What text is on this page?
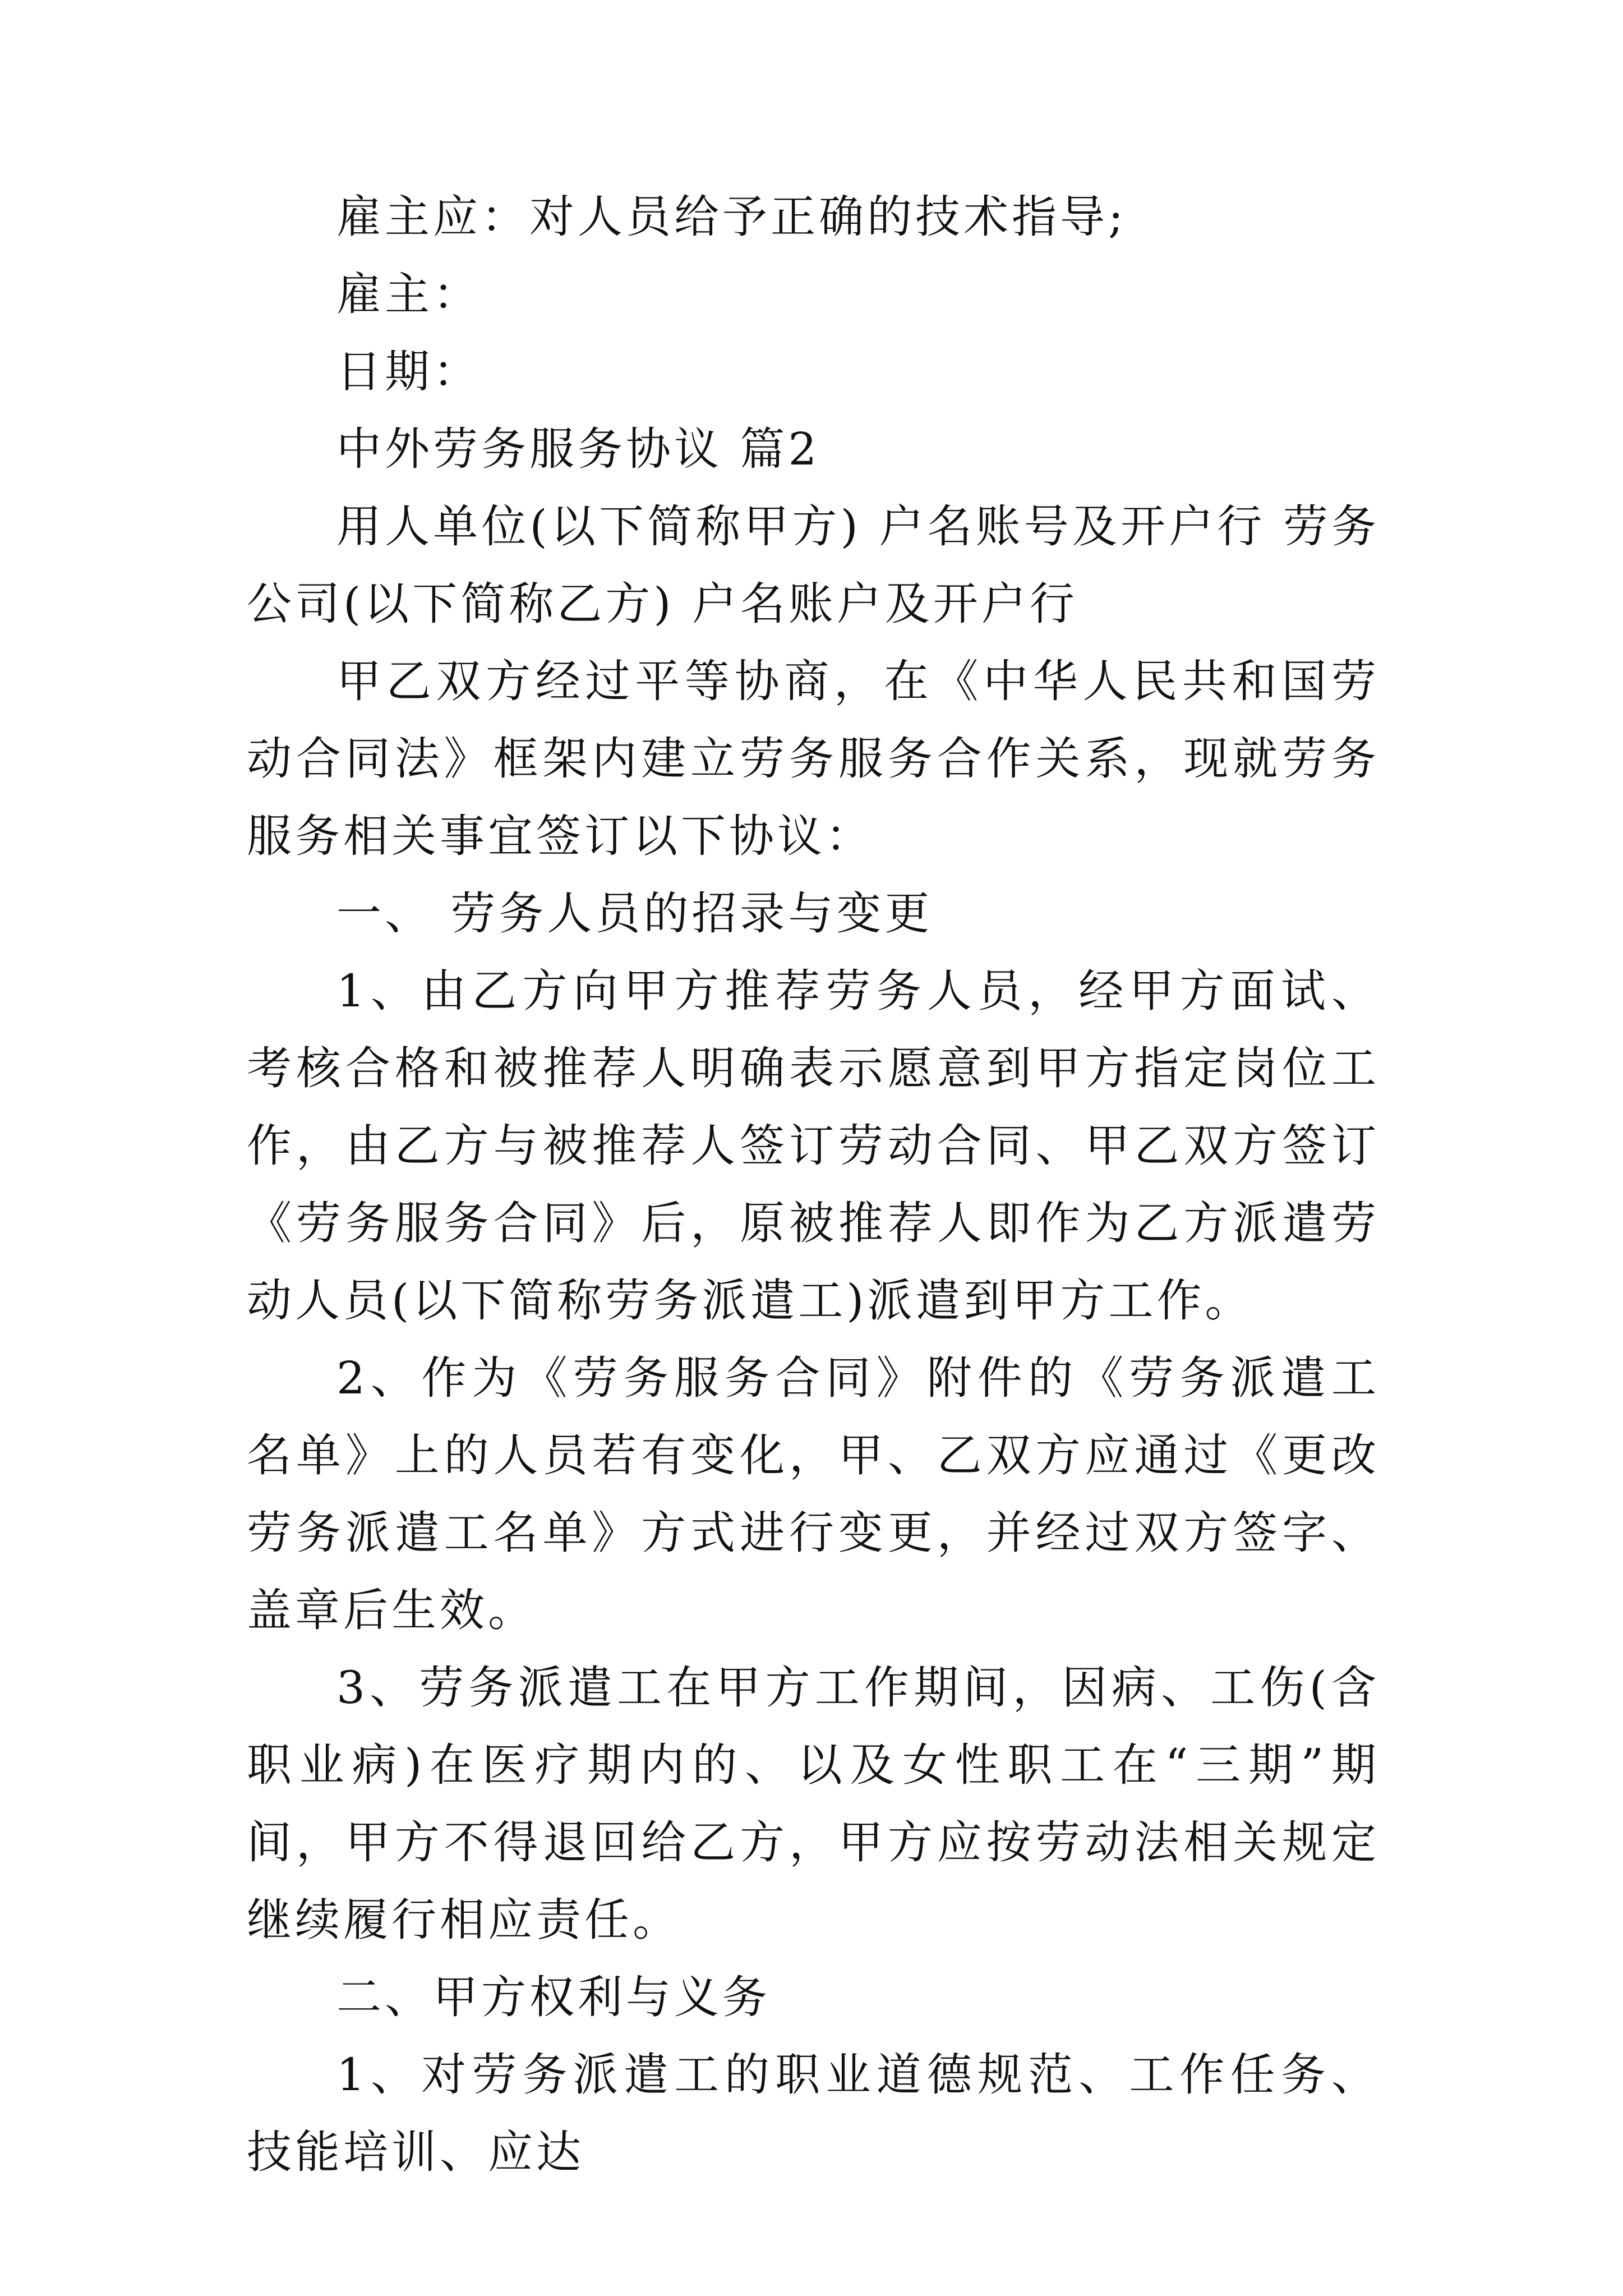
雇主应：对人员给予正确的技术指导;

雇主：

日期：

中外劳务服务协议 篇2

用人单位(以下简称甲方) 户名账号及开户行 劳务公司(以下简称乙方) 户名账户及开户行

甲乙双方经过平等协商，在《中华人民共和国劳动合同法》框架内建立劳务服务合作关系，现就劳务服务相关事宜签订以下协议：

一、 劳务人员的招录与变更

1、由乙方向甲方推荐劳务人员，经甲方面试、考核合格和被推荐人明确表示愿意到甲方指定岗位工作，由乙方与被推荐人签订劳动合同、甲乙双方签订《劳务服务合同》后，原被推荐人即作为乙方派遣劳动人员(以下简称劳务派遣工)派遣到甲方工作。

2、作为《劳务服务合同》附件的《劳务派遣工名单》上的人员若有变化，甲、乙双方应通过《更改劳务派遣工名单》方式进行变更，并经过双方签字、盖章后生效。

3、劳务派遣工在甲方工作期间，因病、工伤(含职业病)在医疗期内的、以及女性职工在“三期”期间，甲方不得退回给乙方，甲方应按劳动法相关规定继续履行相应责任。

二、甲方权利与义务

1、对劳务派遣工的职业道德规范、工作任务、技能培训、应达
